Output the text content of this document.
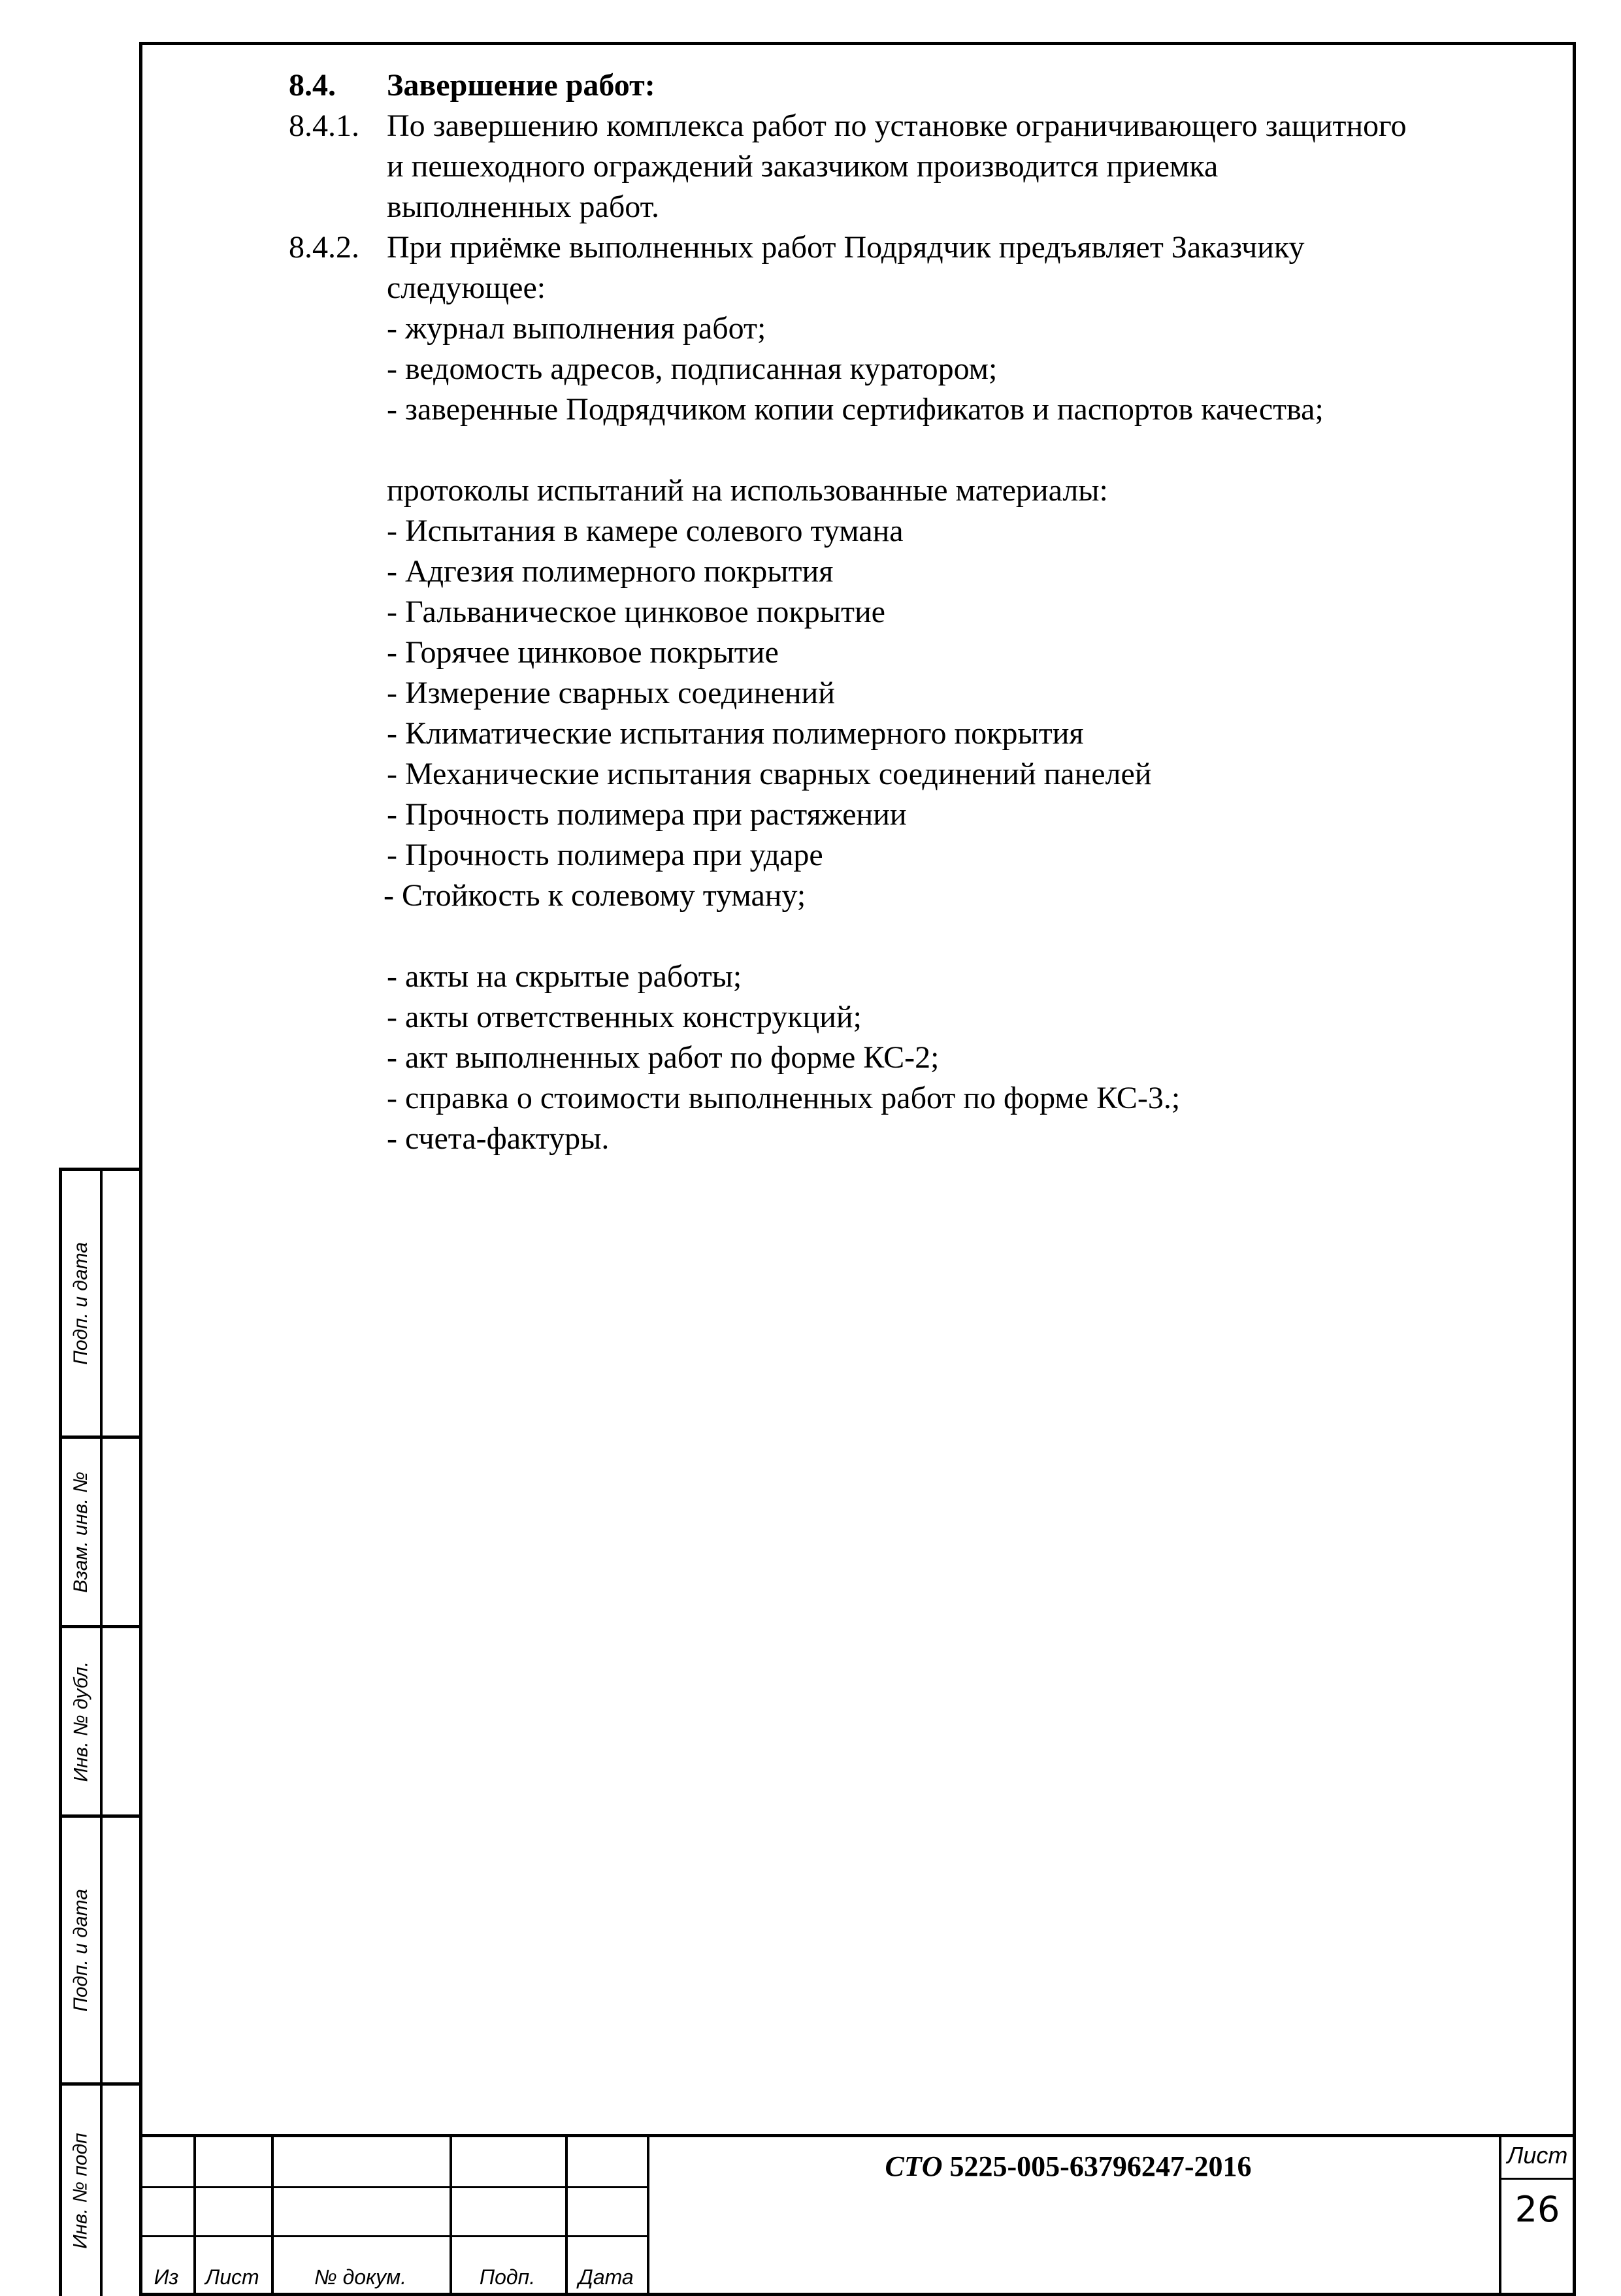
8.4. Завершение работ:
8.4.1. По завершению комплекса работ по установке ограничивающего защитного
и пешеходного ограждений заказчиком производится приемка
выполненных работ.
8.4.2. При приёмке выполненных работ Подрядчик предъявляет Заказчику
следующее:
- журнал выполнения работ;
- ведомость адресов, подписанная куратором;
- заверенные Подрядчиком копии сертификатов и паспортов качества;
протоколы испытаний на использованные материалы:
- Испытания в камере солевого тумана
- Адгезия полимерного покрытия
- Гальваническое цинковое покрытие
- Горячее цинковое покрытие
- Измерение сварных соединений
- Климатические испытания полимерного покрытия
- Механические испытания сварных соединений панелей
- Прочность полимера при растяжении
- Прочность полимера при ударе
- Стойкость к солевому туману;
- акты на скрытые работы;
- акты ответственных конструкций;
- акт выполненных работ по форме КС-2;
- справка о стоимости выполненных работ по форме КС-3.;
- счета-фактуры.
Подп. и дата
Взам. инв. №
Инв. № дубл.
Подп. и дата
Инв. № подп
Из	Лист	№ докум.	Подп.	Дата
СТО 5225-005-63796247-2016	Лист
26
